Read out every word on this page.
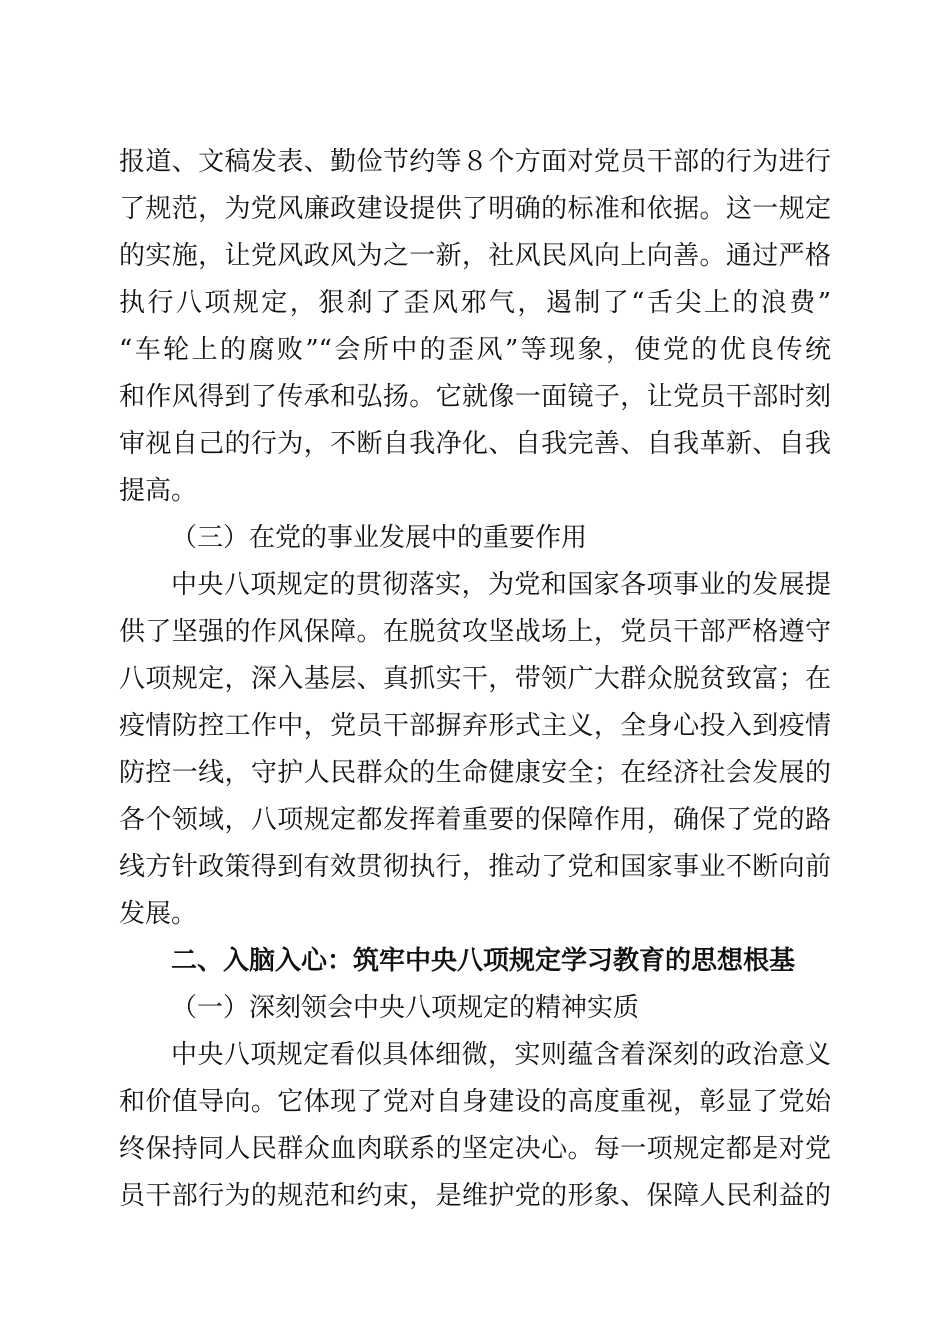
报道、文稿发表、勤俭节约等８个方面对党员干部的行为进行
了规范，为党风廉政建设提供了明确的标准和依据。这一规定
的实施，让党风政风为之一新，社风民风向上向善。通过严格
执行八项规定，狠刹了歪风邪气，遏制了“舌尖上的浪费”
“车轮上的腐败”“会所中的歪风”等现象，使党的优良传统
和作风得到了传承和弘扬。它就像一面镜子，让党员干部时刻
审视自己的行为，不断自我净化、自我完善、自我革新、自我
提高。
（三）在党的事业发展中的重要作用
中央八项规定的贯彻落实，为党和国家各项事业的发展提
供了坚强的作风保障。在脱贫攻坚战场上，党员干部严格遵守
八项规定，深入基层、真抓实干，带领广大群众脱贫致富；在
疫情防控工作中，党员干部摒弃形式主义，全身心投入到疫情
防控一线，守护人民群众的生命健康安全；在经济社会发展的
各个领域，八项规定都发挥着重要的保障作用，确保了党的路
线方针政策得到有效贯彻执行，推动了党和国家事业不断向前
发展。
二、入脑入心：筑牢中央八项规定学习教育的思想根基
（一）深刻领会中央八项规定的精神实质
中央八项规定看似具体细微，实则蕴含着深刻的政治意义
和价值导向。它体现了党对自身建设的高度重视，彰显了党始
终保持同人民群众血肉联系的坚定决心。每一项规定都是对党
员干部行为的规范和约束，是维护党的形象、保障人民利益的
